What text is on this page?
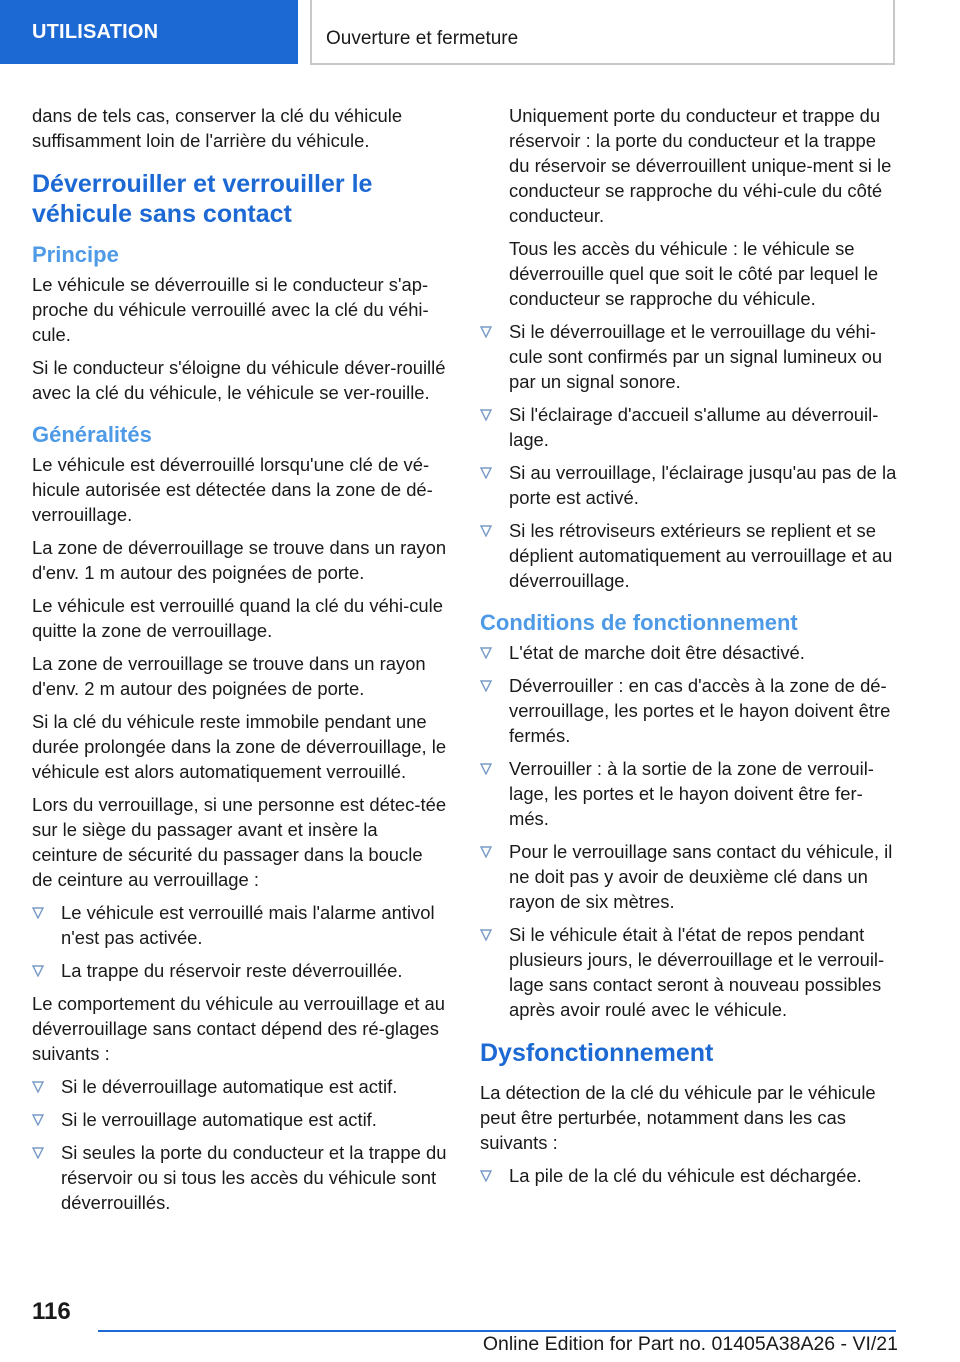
UTILISATION	Ouverture et fermeture

dans de tels cas, conserver la clé du véhicule suffisamment loin de l'arrière du véhicule.

Déverrouiller et verrouiller le véhicule sans contact
Principe

Le véhicule se déverrouille si le conducteur s'ap-proche du véhicule verrouillé avec la clé du véhi-cule.

Si le conducteur s'éloigne du véhicule déver-rouillé avec la clé du véhicule, le véhicule se ver-rouille.

Généralités

Le véhicule est déverrouillé lorsqu'une clé de vé-hicule autorisée est détectée dans la zone de dé-verrouillage.

La zone de déverrouillage se trouve dans un rayon d'env. 1 m autour des poignées de porte.

Le véhicule est verrouillé quand la clé du véhi-cule quitte la zone de verrouillage.

La zone de verrouillage se trouve dans un rayon d'env. 2 m autour des poignées de porte.

Si la clé du véhicule reste immobile pendant une durée prolongée dans la zone de déverrouillage, le véhicule est alors automatiquement verrouillé.

Lors du verrouillage, si une personne est détec-tée sur le siège du passager avant et insère la ceinture de sécurité du passager dans la boucle de ceinture au verrouillage :

Le véhicule est verrouillé mais l'alarme antivol n'est pas activée.
La trappe du réservoir reste déverrouillée.

Le comportement du véhicule au verrouillage et au déverrouillage sans contact dépend des ré-glages suivants :

Si le déverrouillage automatique est actif.
Si le verrouillage automatique est actif.
Si seules la porte du conducteur et la trappe du réservoir ou si tous les accès du véhicule sont déverrouillés.

Uniquement porte du conducteur et trappe du réservoir : la porte du conducteur et la trappe du réservoir se déverrouillent unique-ment si le conducteur se rapproche du véhi-cule du côté conducteur.

Tous les accès du véhicule : le véhicule se déverrouille quel que soit le côté par lequel le conducteur se rapproche du véhicule.

Si le déverrouillage et le verrouillage du véhi-cule sont confirmés par un signal lumineux ou par un signal sonore.
Si l'éclairage d'accueil s'allume au déverrouil-lage.
Si au verrouillage, l'éclairage jusqu'au pas de la porte est activé.
Si les rétroviseurs extérieurs se replient et se déplient automatiquement au verrouillage et au déverrouillage.
Conditions de fonctionnement
L'état de marche doit être désactivé.
Déverrouiller : en cas d'accès à la zone de dé-verrouillage, les portes et le hayon doivent être fermés.
Verrouiller : à la sortie de la zone de verrouil-lage, les portes et le hayon doivent être fer-més.
Pour le verrouillage sans contact du véhicule, il ne doit pas y avoir de deuxième clé dans un rayon de six mètres.
Si le véhicule était à l'état de repos pendant plusieurs jours, le déverrouillage et le verrouil-lage sans contact seront à nouveau possibles après avoir roulé avec le véhicule.
Dysfonctionnement

La détection de la clé du véhicule par le véhicule peut être perturbée, notamment dans les cas suivants :

La pile de la clé du véhicule est déchargée.
116
Online Edition for Part no. 01405A38A26 - VI/21
